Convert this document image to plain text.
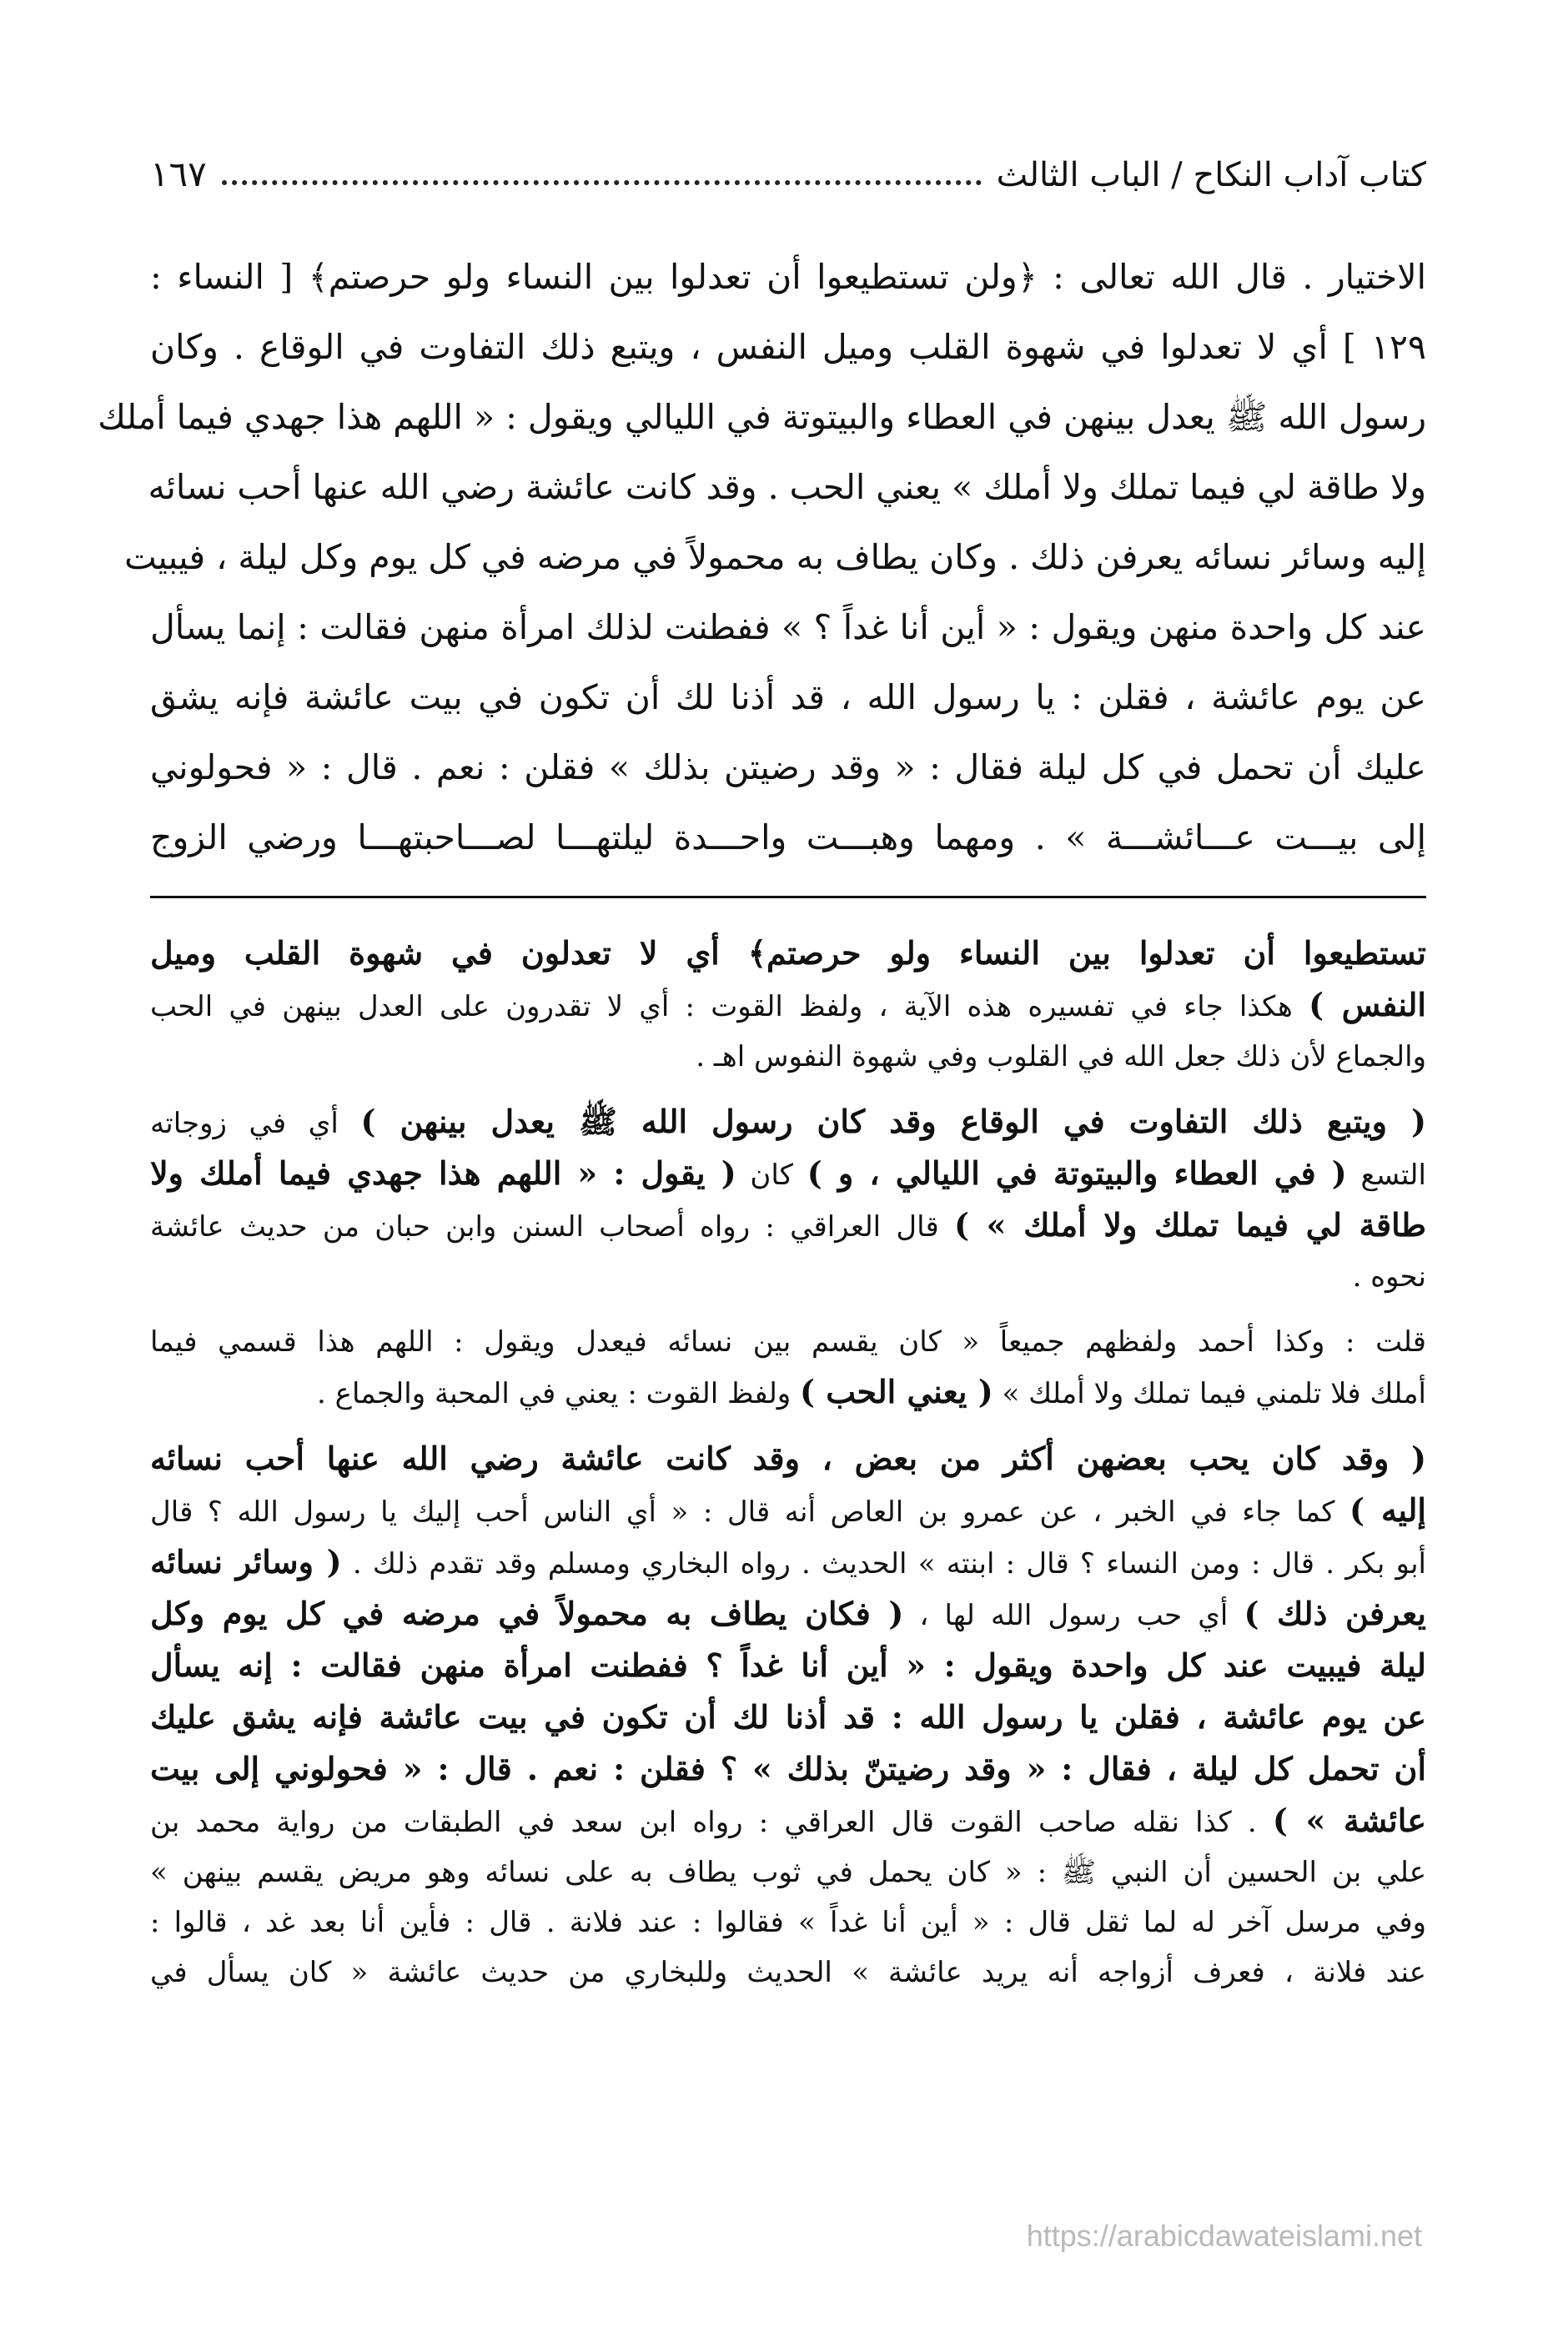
كتاب آداب النكاح / الباب الثالث
١٦٧
الاختيار . قال الله تعالى : ﴿ولن تستطيعوا أن تعدلوا بين النساء ولو حرصتم﴾ [ النساء :
١٢٩ ] أي لا تعدلوا في شهوة القلب وميل النفس ، ويتبع ذلك التفاوت في الوقاع . وكان
رسول الله ﷺ يعدل بينهن في العطاء والبيتوتة في الليالي ويقول : « اللهم هذا جهدي فيما أملك
ولا طاقة لي فيما تملك ولا أملك » يعني الحب . وقد كانت عائشة رضي الله عنها أحب نسائه
إليه وسائر نسائه يعرفن ذلك . وكان يطاف به محمولاً في مرضه في كل يوم وكل ليلة ، فيبيت
عند كل واحدة منهن ويقول : « أين أنا غداً ؟ » ففطنت لذلك امرأة منهن فقالت : إنما يسأل
عن يوم عائشة ، فقلن : يا رسول الله ، قد أذنا لك أن تكون في بيت عائشة فإنه يشق
عليك أن تحمل في كل ليلة فقال : « وقد رضيتن بذلك » فقلن : نعم . قال : « فحولوني
إلى بيـــت عـــائشـــة » . ومهما وهبـــت واحـــدة ليلتهـــا لصـــاحبتهـــا ورضي الزوج
تستطيعوا أن تعدلوا بين النساء ولو حرصتم﴾ أي لا تعدلون في شهوة القلب وميل
النفس ) هكذا جاء في تفسيره هذه الآية ، ولفظ القوت : أي لا تقدرون على العدل بينهن في الحب
والجماع لأن ذلك جعل الله في القلوب وفي شهوة النفوس اهـ .
( ويتبع ذلك التفاوت في الوقاع وقد كان رسول الله ﷺ يعدل بينهن ) أي في زوجاته
التسع ( في العطاء والبيتوتة في الليالي ، و ) كان ( يقول : « اللهم هذا جهدي فيما أملك ولا
طاقة لي فيما تملك ولا أملك » ) قال العراقي : رواه أصحاب السنن وابن حبان من حديث عائشة
نحوه .
قلت : وكذا أحمد ولفظهم جميعاً « كان يقسم بين نسائه فيعدل ويقول : اللهم هذا قسمي فيما
أملك فلا تلمني فيما تملك ولا أملك » ( يعني الحب ) ولفظ القوت : يعني في المحبة والجماع .
( وقد كان يحب بعضهن أكثر من بعض ، وقد كانت عائشة رضي الله عنها أحب نسائه
إليه ) كما جاء في الخبر ، عن عمرو بن العاص أنه قال : « أي الناس أحب إليك يا رسول الله ؟ قال
أبو بكر . قال : ومن النساء ؟ قال : ابنته » الحديث . رواه البخاري ومسلم وقد تقدم ذلك . ( وسائر نسائه
يعرفن ذلك ) أي حب رسول الله لها ، ( فكان يطاف به محمولاً في مرضه في كل يوم وكل
ليلة فيبيت عند كل واحدة ويقول : « أين أنا غداً ؟ ففطنت امرأة منهن فقالت : إنه يسأل
عن يوم عائشة ، فقلن يا رسول الله : قد أذنا لك أن تكون في بيت عائشة فإنه يشق عليك
أن تحمل كل ليلة ، فقال : « وقد رضيتنّ بذلك » ؟ فقلن : نعم . قال : « فحولوني إلى بيت
عائشة » ) . كذا نقله صاحب القوت قال العراقي : رواه ابن سعد في الطبقات من رواية محمد بن
علي بن الحسين أن النبي ﷺ : « كان يحمل في ثوب يطاف به على نسائه وهو مريض يقسم بينهن »
وفي مرسل آخر له لما ثقل قال : « أين أنا غداً » فقالوا : عند فلانة . قال : فأين أنا بعد غد ، قالوا :
عند فلانة ، فعرف أزواجه أنه يريد عائشة » الحديث وللبخاري من حديث عائشة « كان يسأل في
https://arabicdawateislami.net
